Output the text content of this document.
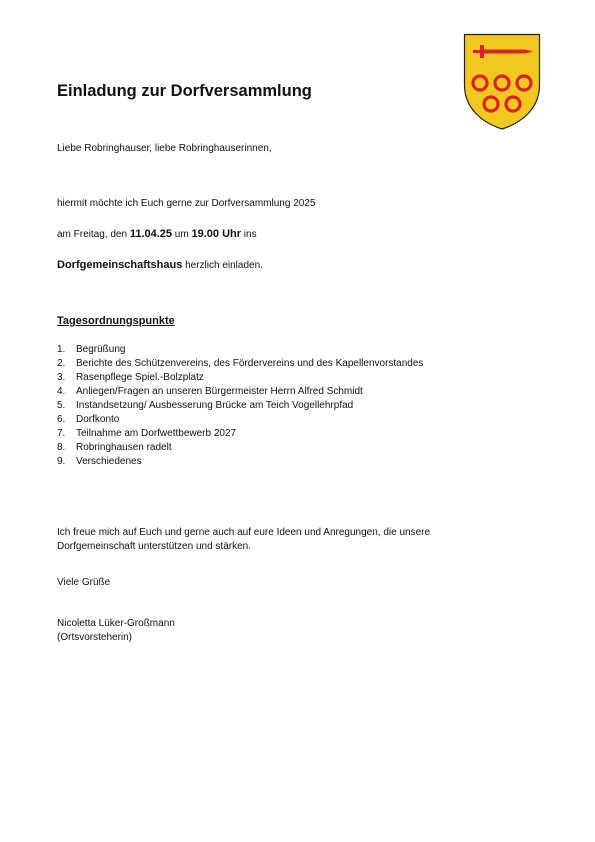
Einladung zur Dorfversammlung
Liebe Robringhauser, liebe Robringhauserinnen,
hiermit möchte ich Euch gerne zur Dorfversammlung 2025
am Freitag, den 11.04.25 um 19.00 Uhr ins
Dorfgemeinschaftshaus herzlich einladen.
Tagesordnungspunkte
1. Begrüßung
2. Berichte des Schützenvereins, des Fördervereins und des Kapellenvorstandes
3. Rasenpflege Spiel.-Bolzplatz
4. Anliegen/Fragen an unseren Bürgermeister Herrn Alfred Schmidt
5. Instandsetzung/ Ausbesserung Brücke am Teich Vogellehrpfad
6. Dorfkonto
7. Teilnahme am Dorfwettbewerb 2027
8. Robringhausen radelt
9. Verschiedenes
Ich freue mich auf Euch und gerne auch auf eure Ideen und Anregungen, die unsere
Dorfgemeinschaft unterstützen und stärken.
Viele Grüße
Nicoletta Lüker-Großmann
(Ortsvorsteherin)
